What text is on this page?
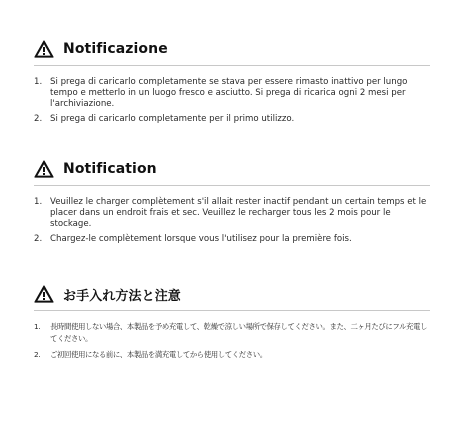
Notificazione
1. Si prega di caricarlo completamente se stava per essere rimasto inattivo per lungo tempo e metterlo in un luogo fresco e asciutto. Si prega di ricarica ogni 2 mesi per l'archiviazione.
2. Si prega di caricarlo completamente per il primo utilizzo.
Notification
1. Veuillez le charger complètement s'il allait rester inactif pendant un certain temps et le placer dans un endroit frais et sec. Veuillez le recharger tous les 2 mois pour le stockage.
2. Chargez-le complètement lorsque vous l'utilisez pour la première fois.
お手入れ方法と注意
1. 長時間使用しない場合、本製品を予め充電して、乾燥で涼しい場所で保存してください。また、二ヶ月たびにフル充電してください。
2. ご初回使用になる前に、本製品を満充電してから使用してください。
